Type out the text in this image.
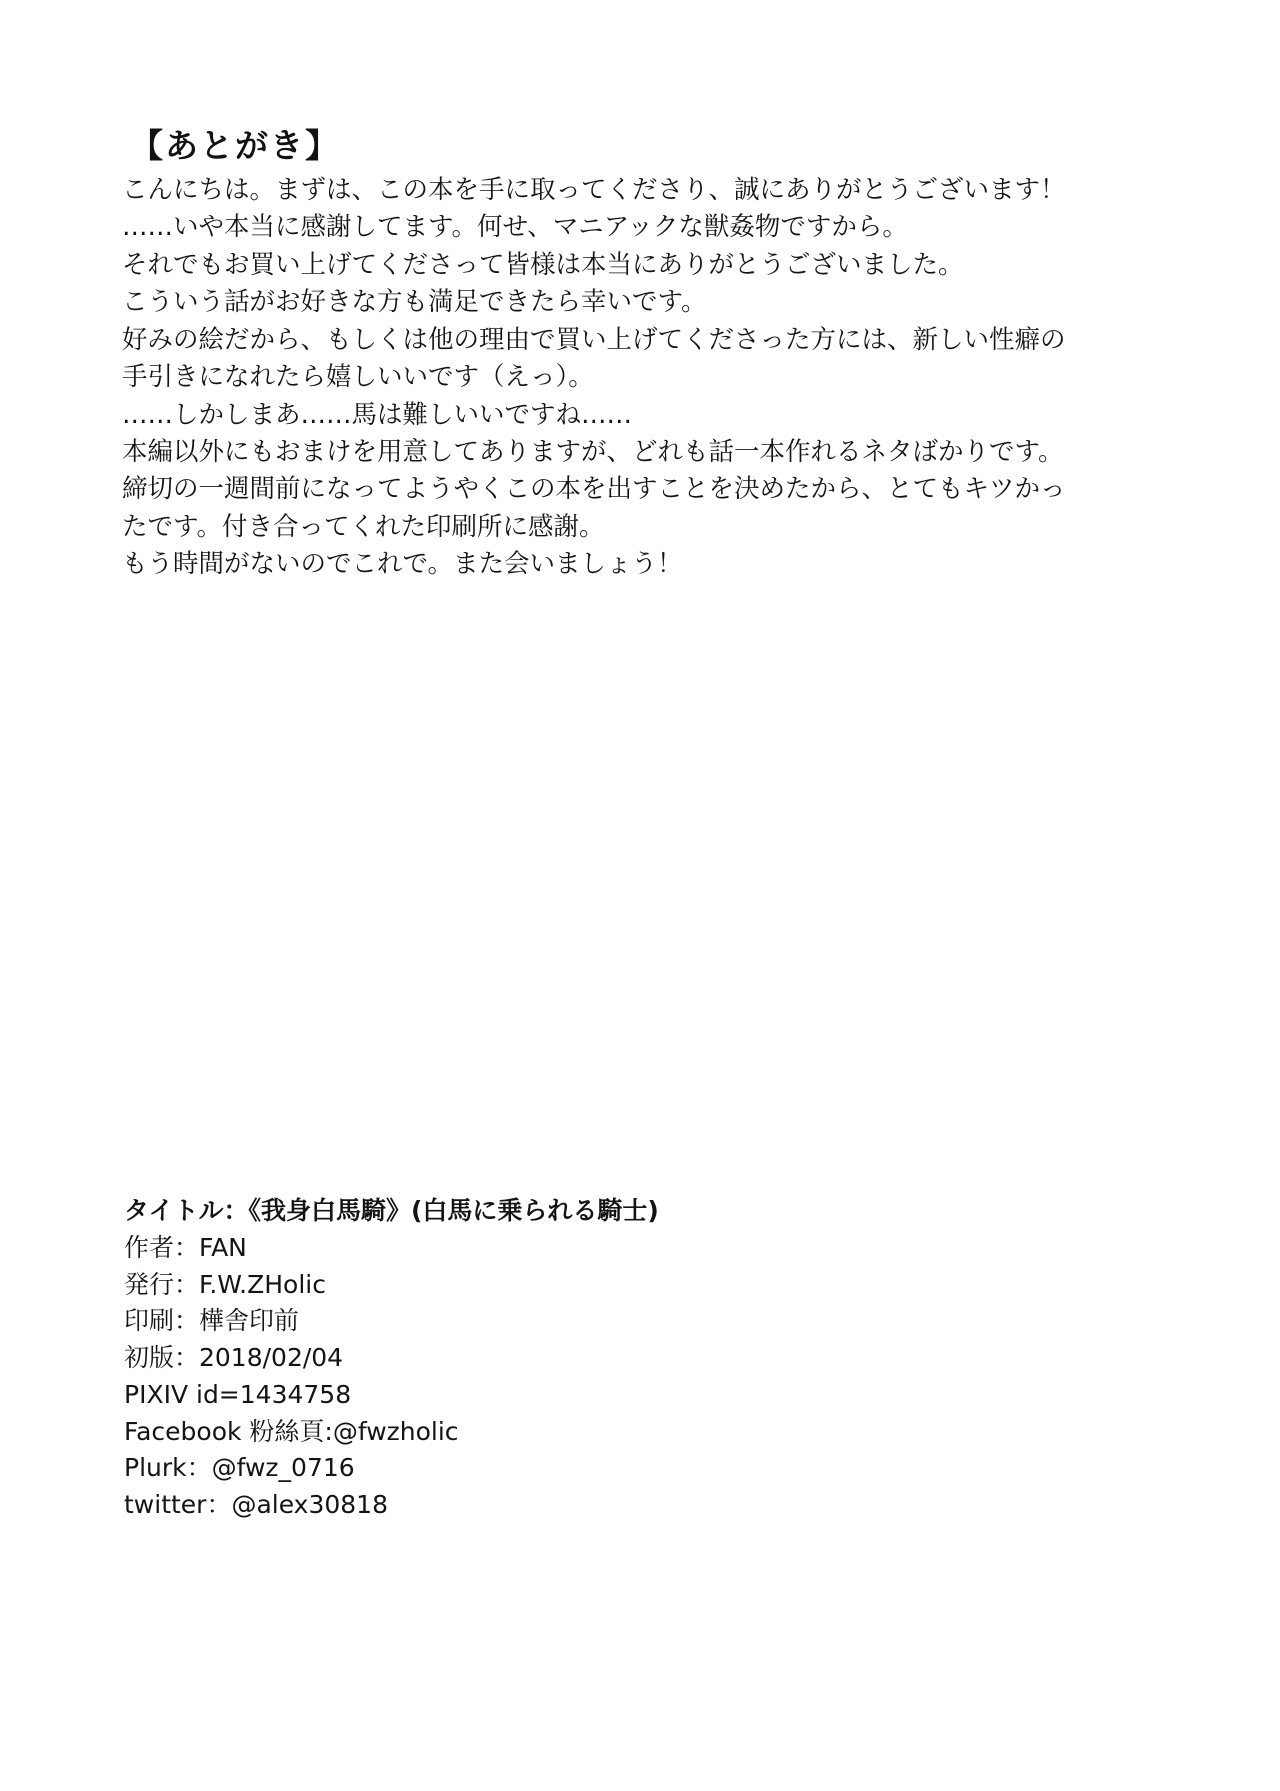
【あとがき】

こんにちは。まずは、この本を手に取ってくださり、誠にありがとうございます！

……いや本当に感謝してます。何せ、マニアックな獣姦物ですから。

それでもお買い上げてくださって皆様は本当にありがとうございました。

こういう話がお好きな方も満足できたら幸いです。

好みの絵だから、もしくは他の理由で買い上げてくださった方には、新しい性癖の

手引きになれたら嬉しいいです（えっ）。

……しかしまあ……馬は難しいいですね……

本編以外にもおまけを用意してありますが、どれも話一本作れるネタばかりです。

締切の一週間前になってようやくこの本を出すことを決めたから、とてもキツかっ

たです。付き合ってくれた印刷所に感謝。

もう時間がないのでこれで。また会いましょう！

タイトル：《我身白馬騎》(白馬に乗られる騎士)

作者：FAN

発行：F.W.ZHolic

印刷：樺舎印前

初版：2018/02/04

PIXIV id=1434758

Facebook 粉絲頁:@fwzholic

Plurk：@fwz_0716

twitter：@alex30818
